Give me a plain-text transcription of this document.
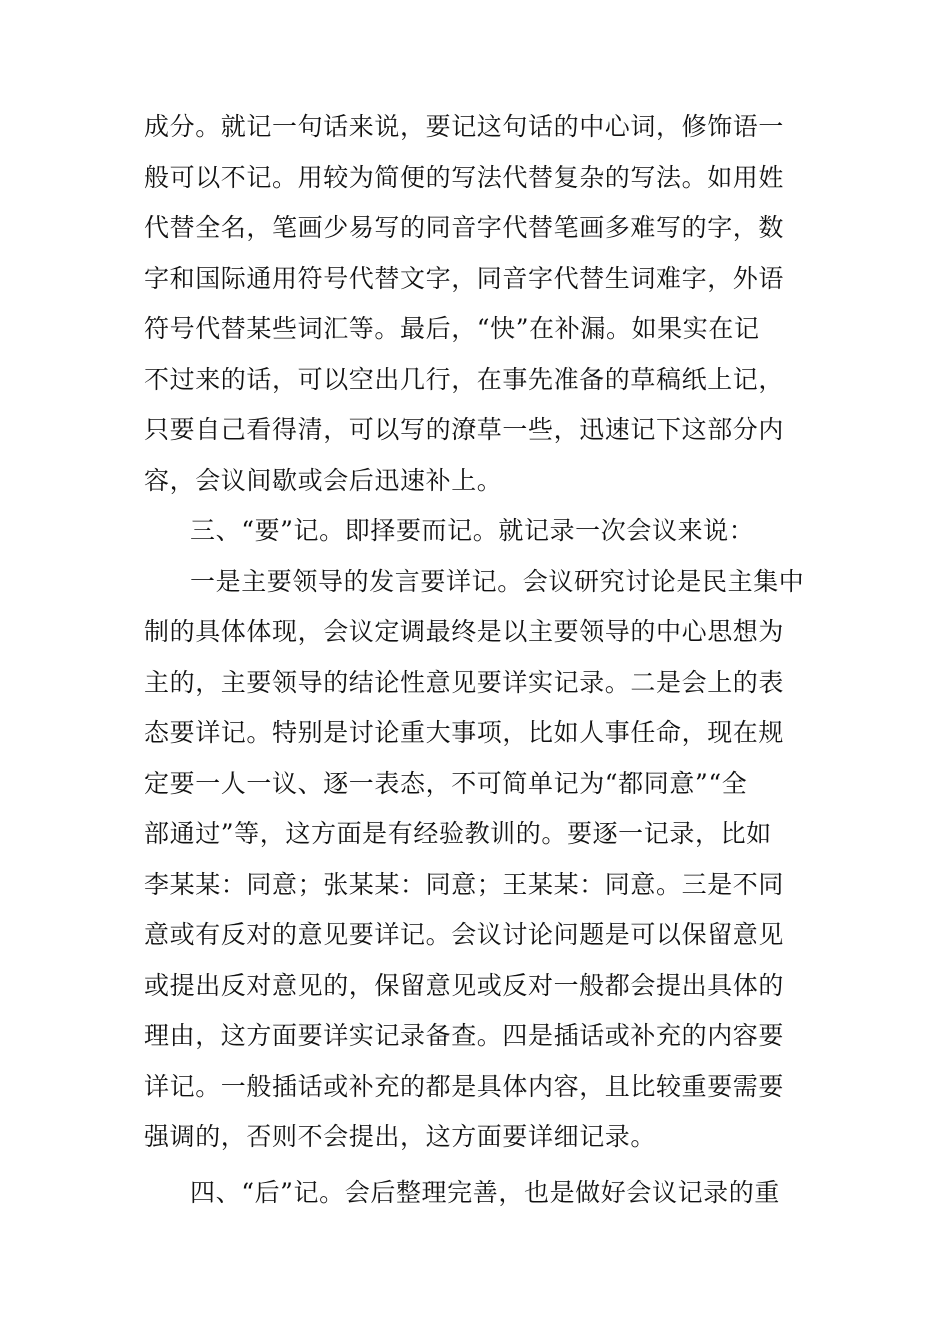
成分。就记一句话来说，要记这句话的中心词，修饰语一
般可以不记。用较为简便的写法代替复杂的写法。如用姓
代替全名，笔画少易写的同音字代替笔画多难写的字，数
字和国际通用符号代替文字，同音字代替生词难字，外语
符号代替某些词汇等。最后，“快”在补漏。如果实在记
不过来的话，可以空出几行，在事先准备的草稿纸上记，
只要自己看得清，可以写的潦草一些，迅速记下这部分内
容，会议间歇或会后迅速补上。
三、“要”记。即择要而记。就记录一次会议来说：
一是主要领导的发言要详记。会议研究讨论是民主集中
制的具体体现，会议定调最终是以主要领导的中心思想为
主的，主要领导的结论性意见要详实记录。二是会上的表
态要详记。特别是讨论重大事项，比如人事任命，现在规
定要一人一议、逐一表态，不可简单记为“都同意”“全
部通过”等，这方面是有经验教训的。要逐一记录，比如
李某某：同意；张某某：同意；王某某：同意。三是不同
意或有反对的意见要详记。会议讨论问题是可以保留意见
或提出反对意见的，保留意见或反对一般都会提出具体的
理由，这方面要详实记录备查。四是插话或补充的内容要
详记。一般插话或补充的都是具体内容，且比较重要需要
强调的，否则不会提出，这方面要详细记录。
四、“后”记。会后整理完善，也是做好会议记录的重
